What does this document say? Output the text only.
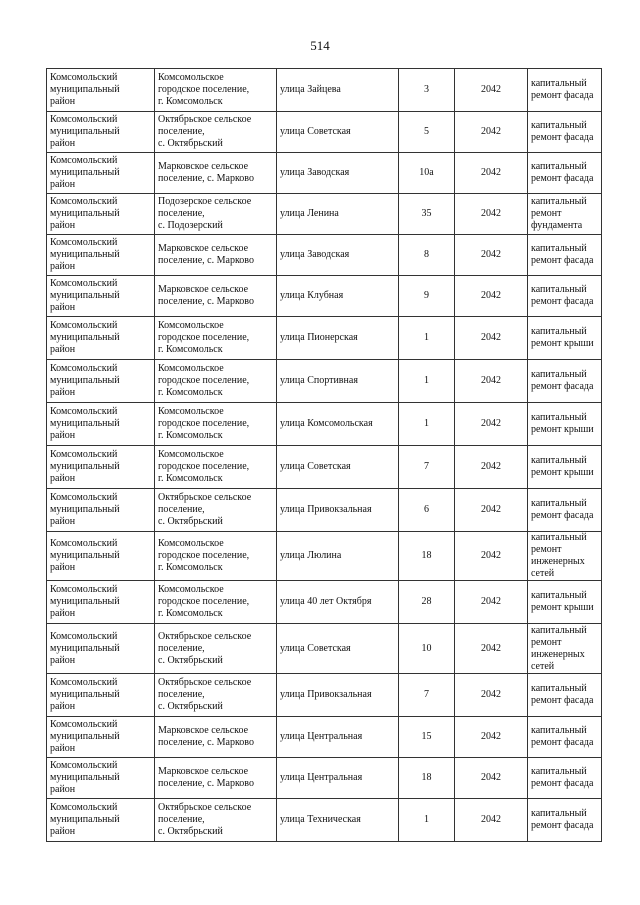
514
Комсомольский
муниципальный
район	Комсомольское
городское поселение,
г. Комсомольск	улица Зайцева	3	2042	капитальный
ремонт фасада
Комсомольский
муниципальный
район	Октябрьское сельское
поселение,
с. Октябрьский	улица Советская	5	2042	капитальный
ремонт фасада
Комсомольский
муниципальный
район	Марковское сельское
поселение, с. Марково	улица Заводская	10а	2042	капитальный
ремонт фасада
Комсомольский
муниципальный
район	Подозерское сельское
поселение,
с. Подозерский	улица Ленина	35	2042	капитальный
ремонт
фундамента
Комсомольский
муниципальный
район	Марковское сельское
поселение, с. Марково	улица Заводская	8	2042	капитальный
ремонт фасада
Комсомольский
муниципальный
район	Марковское сельское
поселение, с. Марково	улица Клубная	9	2042	капитальный
ремонт фасада
Комсомольский
муниципальный
район	Комсомольское
городское поселение,
г. Комсомольск	улица Пионерская	1	2042	капитальный
ремонт крыши
Комсомольский
муниципальный
район	Комсомольское
городское поселение,
г. Комсомольск	улица Спортивная	1	2042	капитальный
ремонт фасада
Комсомольский
муниципальный
район	Комсомольское
городское поселение,
г. Комсомольск	улица Комсомольская	1	2042	капитальный
ремонт крыши
Комсомольский
муниципальный
район	Комсомольское
городское поселение,
г. Комсомольск	улица Советская	7	2042	капитальный
ремонт крыши
Комсомольский
муниципальный
район	Октябрьское сельское
поселение,
с. Октябрьский	улица Привокзальная	6	2042	капитальный
ремонт фасада
Комсомольский
муниципальный
район	Комсомольское
городское поселение,
г. Комсомольск	улица Люлина	18	2042	капитальный
ремонт
инженерных
сетей
Комсомольский
муниципальный
район	Комсомольское
городское поселение,
г. Комсомольск	улица 40 лет Октября	28	2042	капитальный
ремонт крыши
Комсомольский
муниципальный
район	Октябрьское сельское
поселение,
с. Октябрьский	улица Советская	10	2042	капитальный
ремонт
инженерных
сетей
Комсомольский
муниципальный
район	Октябрьское сельское
поселение,
с. Октябрьский	улица Привокзальная	7	2042	капитальный
ремонт фасада
Комсомольский
муниципальный
район	Марковское сельское
поселение, с. Марково	улица Центральная	15	2042	капитальный
ремонт фасада
Комсомольский
муниципальный
район	Марковское сельское
поселение, с. Марково	улица Центральная	18	2042	капитальный
ремонт фасада
Комсомольский
муниципальный
район	Октябрьское сельское
поселение,
с. Октябрьский	улица Техническая	1	2042	капитальный
ремонт фасада
